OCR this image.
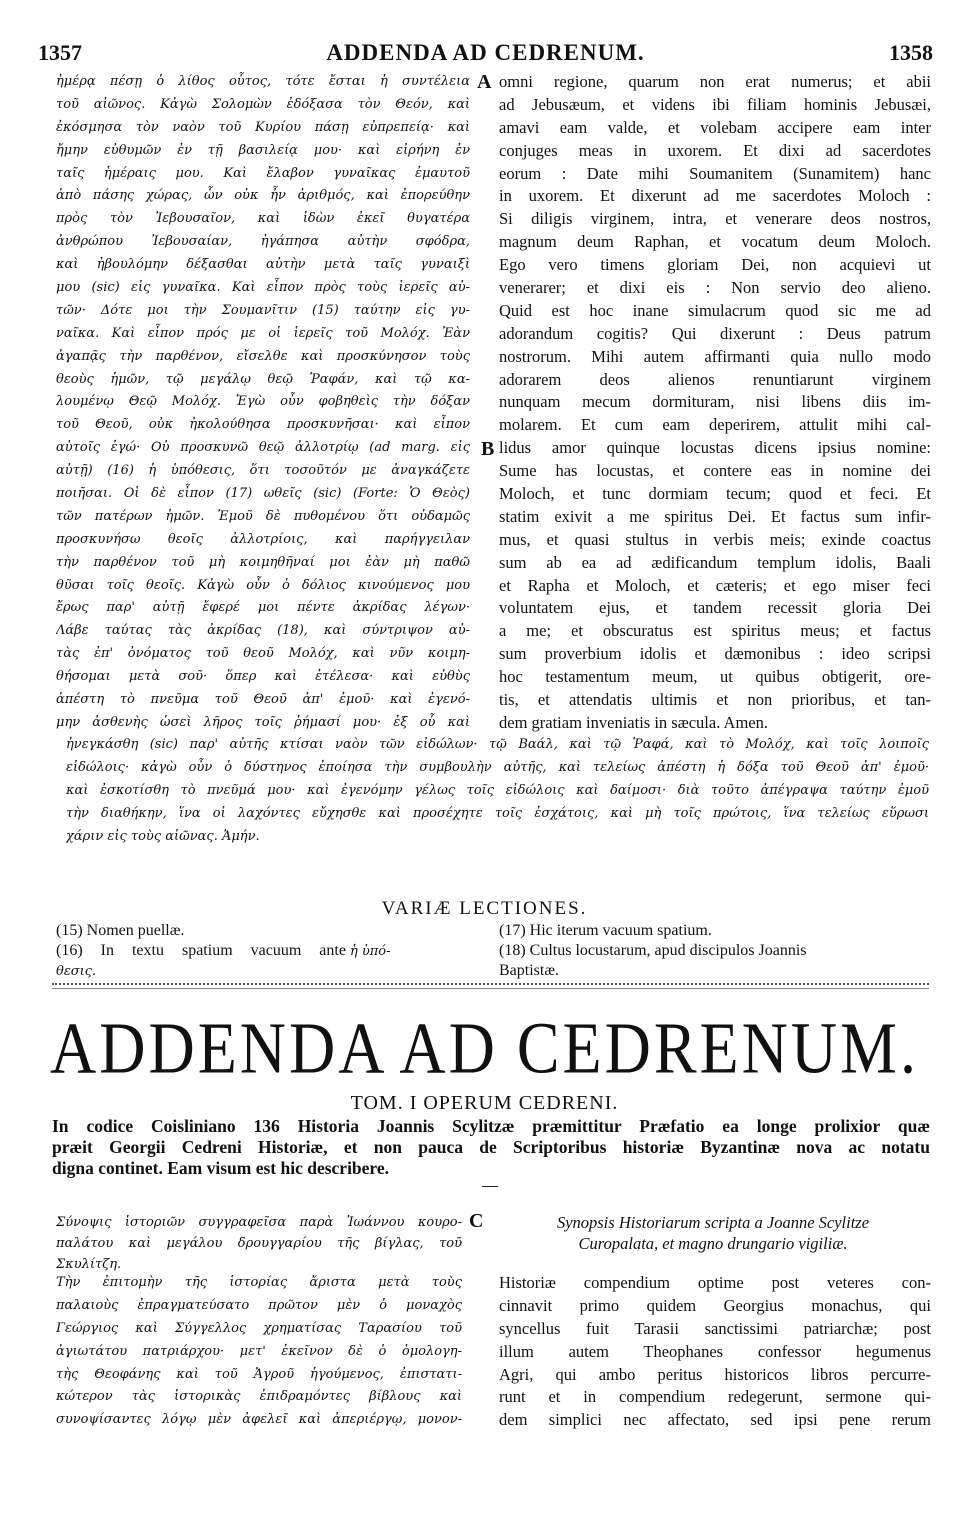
1357	ADDENDA AD CEDRENUM.	1358
ἡμέρᾳ πέσῃ ὁ λίθος οὗτος, τότε ἔσται ἡ συντέλεια
τοῦ αἰῶνος. Κἀγὼ Σολομὼν ἐδόξασα τὸν Θεόν, καὶ
ἐκόσμησα τὸν ναὸν τοῦ Κυρίου πάσῃ εὐπρεπείᾳ· καὶ
ἤμην εὐθυμῶν ἐν τῇ βασιλείᾳ μου· καὶ εἰρήνη ἐν
ταῖς ἡμέραις μου. Καὶ ἔλαβον γυναῖκας ἐμαυτοῦ
ἀπὸ πάσης χώρας, ὧν οὐκ ἦν ἀριθμός, καὶ ἐπορεύθην
πρὸς τὸν Ἰεβουσαῖον, καὶ ἰδὼν ἐκεῖ θυγατέρα
ἀνθρώπου Ἰεβουσαίαν, ἠγάπησα αὐτὴν σφόδρα,
καὶ ἠβουλόμην δέξασθαι αὐτὴν μετὰ ταῖς γυναιξὶ
μου (sic) εἰς γυναῖκα. Καὶ εἶπον πρὸς τοὺς ἱερεῖς αὐ-
τῶν· Δότε μοι τὴν Σουμανῖτιν (15) ταύτην εἰς γυ-
ναῖκα. Καὶ εἶπον πρός με οἱ ἱερεῖς τοῦ Μολόχ. Ἐὰν
ἀγαπᾷς τὴν παρθένον, εἴσελθε καὶ προσκύνησον τοὺς
θεοὺς ἡμῶν, τῷ μεγάλῳ θεῷ Ῥαφάν, καὶ τῷ κα-
λουμένῳ Θεῷ Μολόχ. Ἐγὼ οὖν φοβηθεὶς τὴν δόξαν
τοῦ Θεοῦ, οὐκ ἠκολούθησα προσκυνῆσαι· καὶ εἶπον
αὐτοῖς ἐγώ· Οὐ προσκυνῶ θεῷ ἀλλοτρίῳ (ad marg. εἰς
αὐτῇ) (16) ἡ ὑπόθεσις, ὅτι τοσοῦτόν με ἀναγκάζετε
ποιῆσαι. Οἱ δὲ εἶπον (17) ωθεῖς (sic) (Forte: Ὁ Θεὸς)
τῶν πατέρων ἡμῶν. Ἐμοῦ δὲ πυθομένου ὅτι οὐδαμῶς
προσκυνήσω θεοῖς ἀλλοτρίοις, καὶ παρήγγειλαν
τὴν παρθένον τοῦ μὴ κοιμηθῆναί μοι ἐὰν μὴ παθῶ
θῦσαι τοῖς θεοῖς. Κἀγὼ οὖν ὁ δόλιος κινούμενος μου
ἔρως παρ' αὐτῇ ἔφερέ μοι πέντε ἀκρίδας λέγων·
Λάβε ταύτας τὰς ἀκρίδας (18), καὶ σύντριψον αὐ-
τὰς ἐπ' ὀνόματος τοῦ θεοῦ Μολόχ, καὶ νῦν κοιμη-
θήσομαι μετὰ σοῦ· ὅπερ καὶ ἐτέλεσα· καὶ εὐθὺς
ἀπέστη τὸ πνεῦμα τοῦ Θεοῦ ἀπ' ἐμοῦ· καὶ ἐγενό-
μην ἀσθενὴς ὡσεὶ λῆρος τοῖς ῥήμασί μου· ἐξ οὗ καὶ
omni regione, quarum non erat numerus; et abii
ad Jebusæum, et videns ibi filiam hominis Jebusæi,
amavi eam valde, et volebam accipere eam inter
conjuges meas in uxorem. Et dixi ad sacerdotes
eorum : Date mihi Soumanitem (Sunamitem) hanc
in uxorem. Et dixerunt ad me sacerdotes Moloch :
Si diligis virginem, intra, et venerare deos nostros,
magnum deum Raphan, et vocatum deum Moloch.
Ego vero timens gloriam Dei, non acquievi ut
venerarer; et dixi eis : Non servio deo alieno.
Quid est hoc inane simulacrum quod sic me ad
adorandum cogitis? Qui dixerunt : Deus patrum
nostrorum. Mihi autem affirmanti quia nullo modo
adorarem deos alienos renuntiarunt virginem
nunquam mecum dormituram, nisi libens diis im-
molarem. Et cum eam deperirem, attulit mihi cal-
lidus amor quinque locustas dicens ipsius nomine:
Sume has locustas, et contere eas in nomine dei
Moloch, et tunc dormiam tecum; quod et feci. Et
statim exivit a me spiritus Dei. Et factus sum infir-
mus, et quasi stultus in verbis meis; exinde coactus
sum ab ea ad ædificandum templum idolis, Baali
et Rapha et Moloch, et cæteris; et ego miser feci
voluntatem ejus, et tandem recessit gloria Dei
a me; et obscuratus est spiritus meus; et factus
sum proverbium idolis et dæmonibus : ideo scripsi
hoc testamentum meum, ut quibus obtigerit, ore-
tis, et attendatis ultimis et non prioribus, et tan-
dem gratiam inveniatis in sæcula. Amen.
A
B
ἠνεγκάσθη (sic) παρ' αὐτῆς κτίσαι ναὸν τῶν εἰδώλων· τῷ Βαάλ, καὶ τῷ Ῥαφά, καὶ τὸ Μολόχ, καὶ τοῖς λοιποῖς
εἰδώλοις· κἀγὼ οὖν ὁ δύστηνος ἐποίησα τὴν συμβουλὴν αὐτῆς, καὶ τελείως ἀπέστη ἡ δόξα τοῦ Θεοῦ ἀπ' ἐμοῦ·
καὶ ἐσκοτίσθη τὸ πνεῦμά μου· καὶ ἐγενόμην γέλως τοῖς εἰδώλοις καὶ δαίμοσι· διὰ τοῦτο ἀπέγραψα ταύτην ἐμοῦ
τὴν διαθήκην, ἵνα οἱ λαχόντες εὔχησθε καὶ προσέχητε τοῖς ἐσχάτοις, καὶ μὴ τοῖς πρώτοις, ἵνα τελείως εὕρωσι
χάριν εἰς τοὺς αἰῶνας. Ἀμήν.
VARIÆ LECTIONES.
(15) Nomen puellæ.
(16) In textu spatium vacuum ante ἡ ὑπό-
θεσις.
(17) Hic iterum vacuum spatium.
(18) Cultus locustarum, apud discipulos Joannis
Baptistæ.
ADDENDA AD CEDRENUM.
TOM. I OPERUM CEDRENI.
In codice Coisliniano 136 Historia Joannis Scylitzæ præmittitur Præfatio ea longe prolixior quæ
præit Georgii Cedreni Historiæ, et non pauca de Scriptoribus historiæ Byzantinæ nova ac notatu
digna continet. Eam visum est hic describere.
Σύνοψις ἱστοριῶν συγγραφεῖσα παρὰ Ἰωάννου κουρο-
παλάτου καὶ μεγάλου δρουγγαρίου τῆς βίγλας, τοῦ
Σκυλίτζη.
C	Synopsis Historiarum scripta a Joanne Scylitze
Curopalata, et magno drungario vigiliæ.
Τὴν ἐπιτομὴν τῆς ἱστορίας ἄριστα μετὰ τοὺς
παλαιοὺς ἐπραγματεύσατο πρῶτον μὲν ὁ μοναχὸς
Γεώργιος καὶ Σύγγελλος χρηματίσας Ταρασίου τοῦ
ἁγιωτάτου πατριάρχου· μετ' ἐκεῖνον δὲ ὁ ὁμολογη-
τὴς Θεοφάνης καὶ τοῦ Ἀγροῦ ἡγούμενος, ἐπιστατι-
κώτερον τὰς ἱστορικὰς ἐπιδραμόντες βίβλους καὶ
συνοψίσαντες λόγῳ μὲν ἀφελεῖ καὶ ἀπεριέργῳ, μονον-
Historiæ compendium optime post veteres con-
cinnavit primo quidem Georgius monachus, qui
syncellus fuit Tarasii sanctissimi patriarchæ; post
illum autem Theophanes confessor hegumenus
Agri, qui ambo peritus historicos libros percurre-
runt et in compendium redegerunt, sermone qui-
dem simplici nec affectato, sed ipsi pene rerum
